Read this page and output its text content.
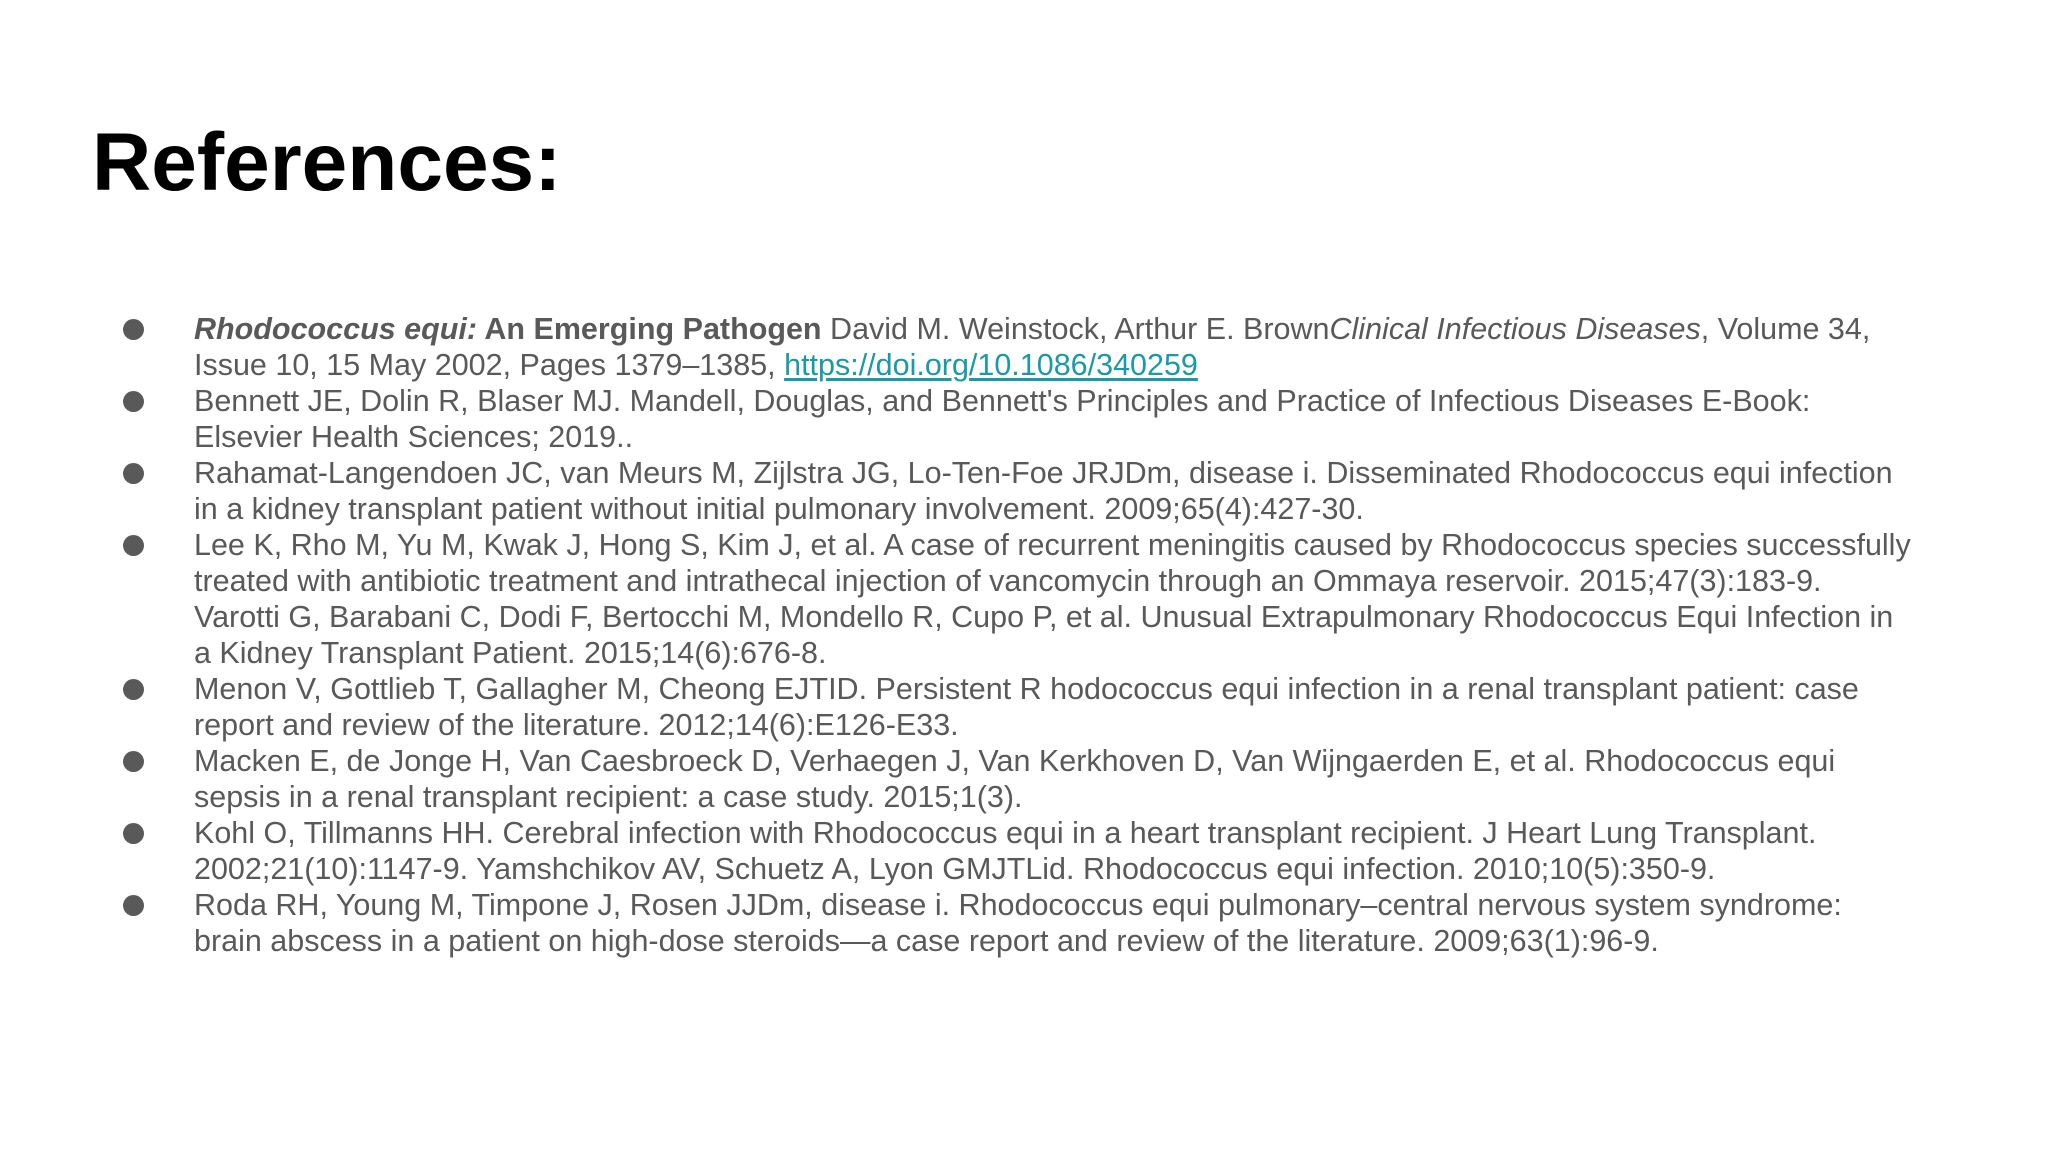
References:
Rhodococcus equi: An Emerging Pathogen David M. Weinstock, Arthur E. BrownClinical Infectious Diseases, Volume 34,
Issue 10, 15 May 2002, Pages 1379–1385, https://doi.org/10.1086/340259
Bennett JE, Dolin R, Blaser MJ. Mandell, Douglas, and Bennett's Principles and Practice of Infectious Diseases E-Book:
Elsevier Health Sciences; 2019..
Rahamat-Langendoen JC, van Meurs M, Zijlstra JG, Lo-Ten-Foe JRJDm, disease i. Disseminated Rhodococcus equi infection
in a kidney transplant patient without initial pulmonary involvement. 2009;65(4):427-30.
Lee K, Rho M, Yu M, Kwak J, Hong S, Kim J, et al. A case of recurrent meningitis caused by Rhodococcus species successfully
treated with antibiotic treatment and intrathecal injection of vancomycin through an Ommaya reservoir. 2015;47(3):183-9.
Varotti G, Barabani C, Dodi F, Bertocchi M, Mondello R, Cupo P, et al. Unusual Extrapulmonary Rhodococcus Equi Infection in
a Kidney Transplant Patient. 2015;14(6):676-8.
Menon V, Gottlieb T, Gallagher M, Cheong EJTID. Persistent R hodococcus equi infection in a renal transplant patient: case
report and review of the literature. 2012;14(6):E126-E33.
Macken E, de Jonge H, Van Caesbroeck D, Verhaegen J, Van Kerkhoven D, Van Wijngaerden E, et al. Rhodococcus equi
sepsis in a renal transplant recipient: a case study. 2015;1(3).
Kohl O, Tillmanns HH. Cerebral infection with Rhodococcus equi in a heart transplant recipient. J Heart Lung Transplant.
2002;21(10):1147-9. Yamshchikov AV, Schuetz A, Lyon GMJTLid. Rhodococcus equi infection. 2010;10(5):350-9.
Roda RH, Young M, Timpone J, Rosen JJDm, disease i. Rhodococcus equi pulmonary–central nervous system syndrome:
brain abscess in a patient on high-dose steroids—a case report and review of the literature. 2009;63(1):96-9.
